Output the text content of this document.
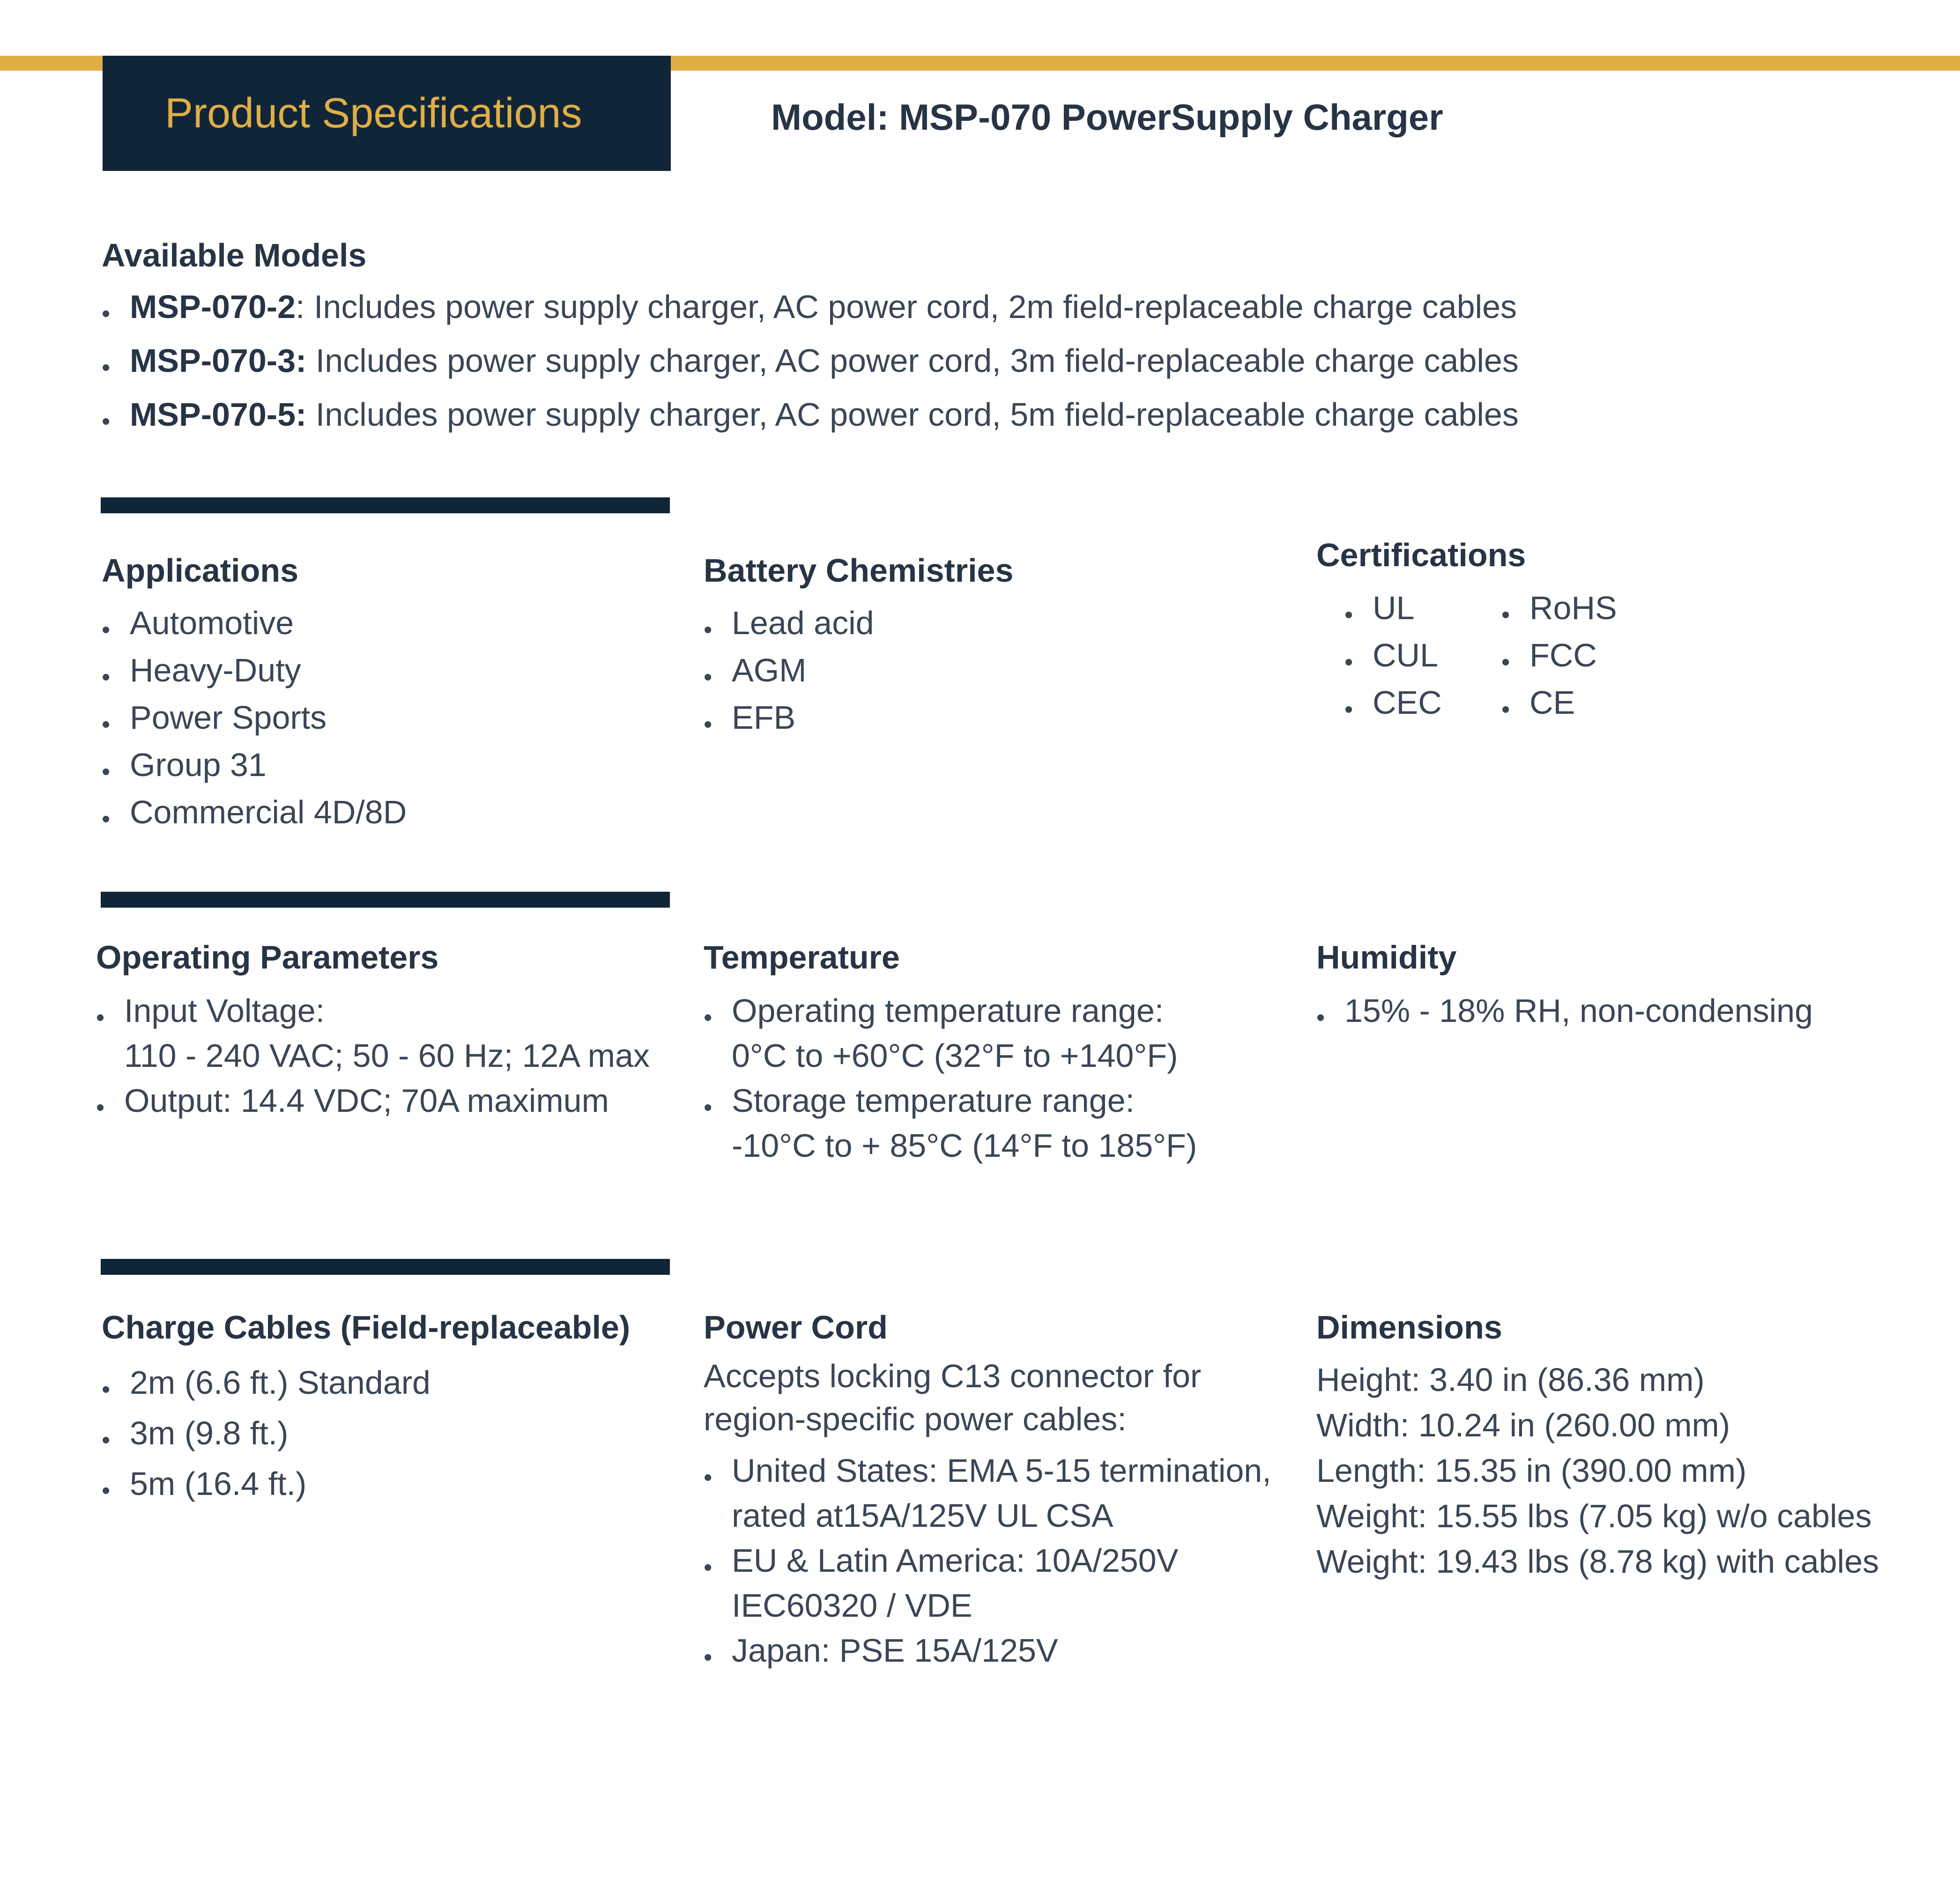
Product Specifications	Model: MSP-070 PowerSupply Charger
Available Models
• MSP-070-2: Includes power supply charger, AC power cord, 2m field-replaceable charge cables
• MSP-070-3: Includes power supply charger, AC power cord, 3m field-replaceable charge cables
• MSP-070-5: Includes power supply charger, AC power cord, 5m field-replaceable charge cables
Applications
• Automotive
• Heavy-Duty
• Power Sports
• Group 31
• Commercial 4D/8D
Battery Chemistries
• Lead acid
• AGM
• EFB
Certifications
• UL
• CUL
• CEC
• RoHS
• FCC
• CE
Operating Parameters
• Input Voltage:
110 - 240 VAC; 50 - 60 Hz; 12A max
• Output: 14.4 VDC; 70A maximum
Temperature
• Operating temperature range:
0°C to +60°C (32°F to +140°F)
• Storage temperature range:
-10°C to + 85°C (14°F to 185°F)
Humidity
• 15% - 18% RH, non-condensing
Charge Cables (Field-replaceable)
• 2m (6.6 ft.) Standard
• 3m (9.8 ft.)
• 5m (16.4 ft.)
Power Cord
Accepts locking C13 connector for
region-specific power cables:
• United States: EMA 5-15 termination,
rated at15A/125V UL CSA
• EU & Latin America: 10A/250V
IEC60320 / VDE
• Japan: PSE 15A/125V
Dimensions
Height: 3.40 in (86.36 mm)
Width: 10.24 in (260.00 mm)
Length: 15.35 in (390.00 mm)
Weight: 15.55 lbs (7.05 kg) w/o cables
Weight: 19.43 lbs (8.78 kg) with cables
